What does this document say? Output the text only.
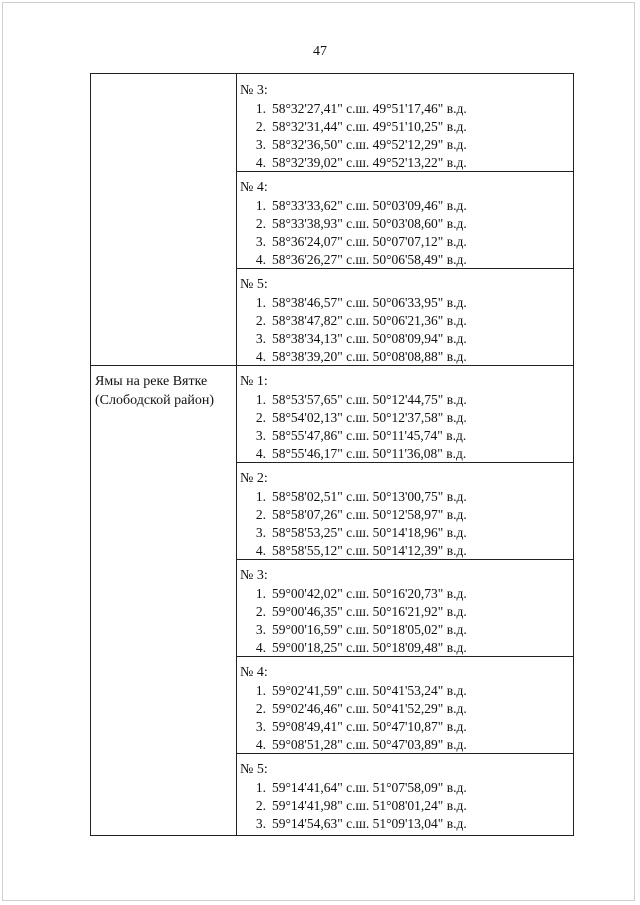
47
№ 3:
1. 58°32'27,41" с.ш. 49°51'17,46" в.д.
2. 58°32'31,44" с.ш. 49°51'10,25" в.д.
3. 58°32'36,50" с.ш. 49°52'12,29" в.д.
4. 58°32'39,02" с.ш. 49°52'13,22" в.д.
№ 4:
1. 58°33'33,62" с.ш. 50°03'09,46" в.д.
2. 58°33'38,93" с.ш. 50°03'08,60" в.д.
3. 58°36'24,07" с.ш. 50°07'07,12" в.д.
4. 58°36'26,27" с.ш. 50°06'58,49" в.д.
№ 5:
1. 58°38'46,57" с.ш. 50°06'33,95" в.д.
2. 58°38'47,82" с.ш. 50°06'21,36" в.д.
3. 58°38'34,13" с.ш. 50°08'09,94" в.д.
4. 58°38'39,20" с.ш. 50°08'08,88" в.д.
Ямы на реке Вятке
(Слободской район)
№ 1:
1. 58°53'57,65" с.ш. 50°12'44,75" в.д.
2. 58°54'02,13" с.ш. 50°12'37,58" в.д.
3. 58°55'47,86" с.ш. 50°11'45,74" в.д.
4. 58°55'46,17" с.ш. 50°11'36,08" в.д.
№ 2:
1. 58°58'02,51" с.ш. 50°13'00,75" в.д.
2. 58°58'07,26" с.ш. 50°12'58,97" в.д.
3. 58°58'53,25" с.ш. 50°14'18,96" в.д.
4. 58°58'55,12" с.ш. 50°14'12,39" в.д.
№ 3:
1. 59°00'42,02" с.ш. 50°16'20,73" в.д.
2. 59°00'46,35" с.ш. 50°16'21,92" в.д.
3. 59°00'16,59" с.ш. 50°18'05,02" в.д.
4. 59°00'18,25" с.ш. 50°18'09,48" в.д.
№ 4:
1. 59°02'41,59" с.ш. 50°41'53,24" в.д.
2. 59°02'46,46" с.ш. 50°41'52,29" в.д.
3. 59°08'49,41" с.ш. 50°47'10,87" в.д.
4. 59°08'51,28" с.ш. 50°47'03,89" в.д.
№ 5:
1. 59°14'41,64" с.ш. 51°07'58,09" в.д.
2. 59°14'41,98" с.ш. 51°08'01,24" в.д.
3. 59°14'54,63" с.ш. 51°09'13,04" в.д.
